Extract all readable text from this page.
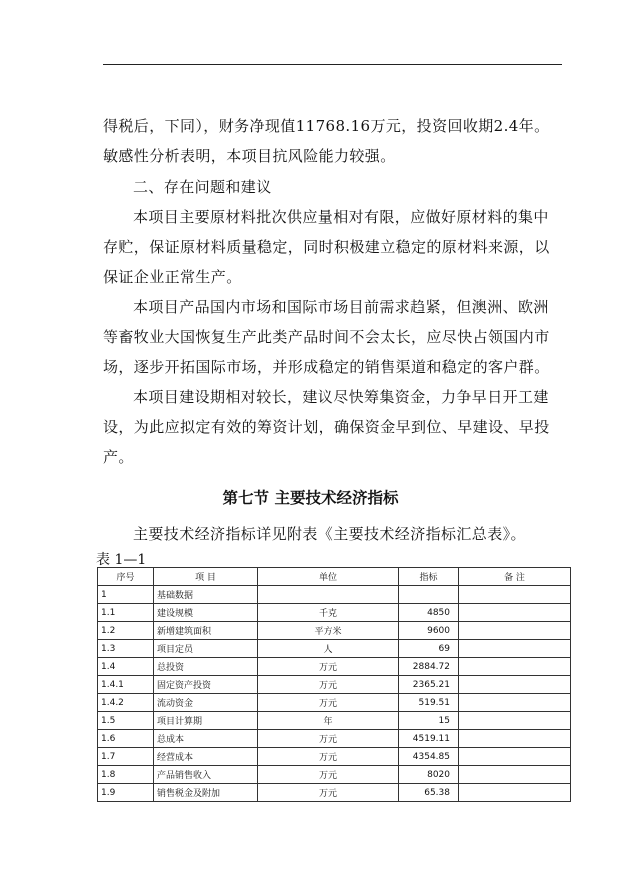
得税后，下同），财务净现值11768.16万元，投资回收期2.4年。敏感性分析表明，本项目抗风险能力较强。

二、存在问题和建议

本项目主要原材料批次供应量相对有限，应做好原材料的集中存贮，保证原材料质量稳定，同时积极建立稳定的原材料来源，以保证企业正常生产。

本项目产品国内市场和国际市场目前需求趋紧，但澳洲、欧洲等畜牧业大国恢复生产此类产品时间不会太长，应尽快占领国内市场，逐步开拓国际市场，并形成稳定的销售渠道和稳定的客户群。

本项目建设期相对较长，建议尽快筹集资金，力争早日开工建设，为此应拟定有效的筹资计划，确保资金早到位、早建设、早投产。

第七节 主要技术经济指标
主要技术经济指标详见附表《主要技术经济指标汇总表》。
表 1—1
序号	项 目	单位	指标	备 注
1	基础数据			
1.1	建设规模	千克	4850	
1.2	新增建筑面积	平方米	9600	
1.3	项目定员	人	69	
1.4	总投资	万元	2884.72	
1.4.1	固定资产投资	万元	2365.21	
1.4.2	流动资金	万元	519.51	
1.5	项目计算期	年	15	
1.6	总成本	万元	4519.11	
1.7	经营成本	万元	4354.85	
1.8	产品销售收入	万元	8020	
1.9	销售税金及附加	万元	65.38	
